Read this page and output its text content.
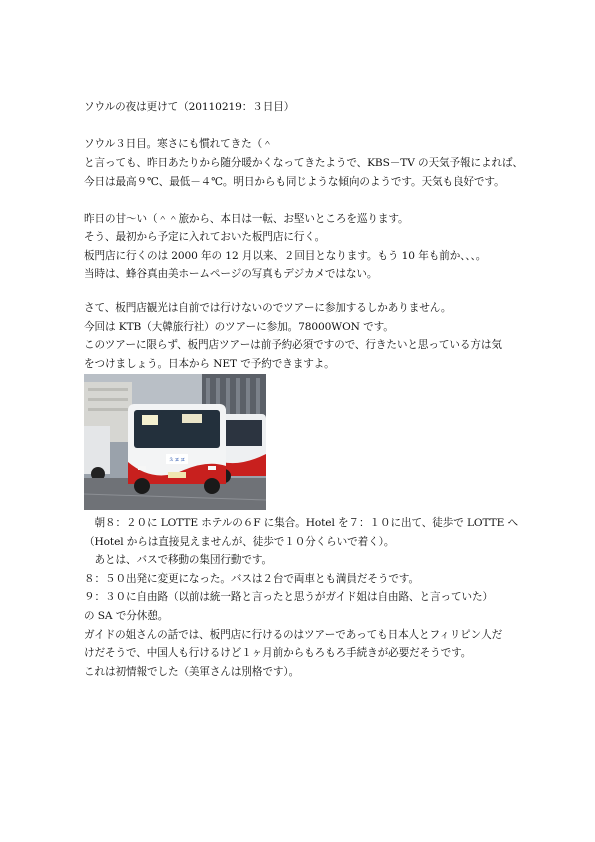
ソウルの夜は更けて（20110219：３日目）
ソウル３日目。寒さにも慣れてきた（＾
と言っても、昨日あたりから随分暖かくなってきたようで、KBS－TV の天気予報によれば、
今日は最高９℃、最低－４℃。明日からも同じような傾向のようです。天気も良好です。
昨日の甘～い（＾＾旅から、本日は一転、お堅いところを巡ります。
そう、最初から予定に入れておいた板門店に行く。
板門店に行くのは 2000 年の 12 月以来、２回目となります。もう 10 年も前か、、、。
当時は、蜂谷真由美ホームページの写真もデジカメではない。
さて、板門店観光は自前では行けないのでツアーに参加するしかありません。
今回は KTB（大韓旅行社）のツアーに参加。78000WON です。
このツアーに限らず、板門店ツアーは前予約必須ですので、行きたいと思っている方は気
をつけましょう。日本から NET で予約できますよ。
ㅊㅍㅍ
　朝８：２０に LOTTE ホテルの６F に集合。Hotel を７：１０に出て、徒歩で LOTTE へ
（Hotel からは直接見えませんが、徒歩で１０分くらいで着く）。
　あとは、バスで移動の集団行動です。
８：５０出発に変更になった。バスは２台で両車とも満員だそうです。
９：３０に自由路（以前は統一路と言ったと思うがガイド姐は自由路、と言っていた）
の SA で分休憩。
ガイドの姐さんの話では、板門店に行けるのはツアーであっても日本人とフィリピン人だ
けだそうで、中国人も行けるけど１ヶ月前からもろもろ手続きが必要だそうです。
これは初情報でした（美軍さんは別格です）。
